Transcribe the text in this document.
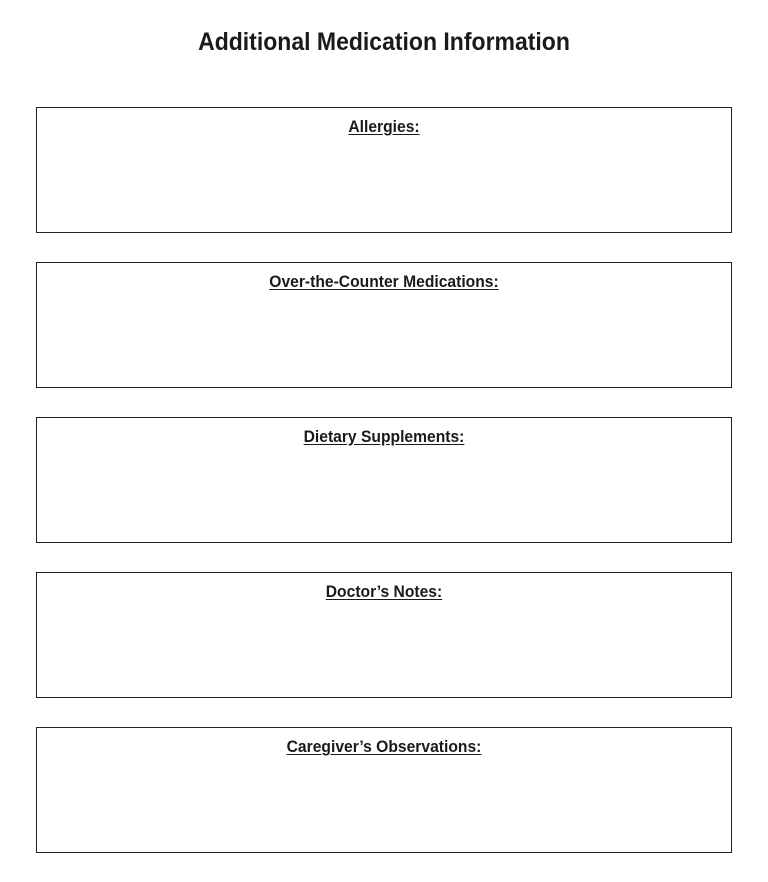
Additional Medication Information
Allergies:
Over-the-Counter Medications:
Dietary Supplements:
Doctor’s Notes:
Caregiver’s Observations:
